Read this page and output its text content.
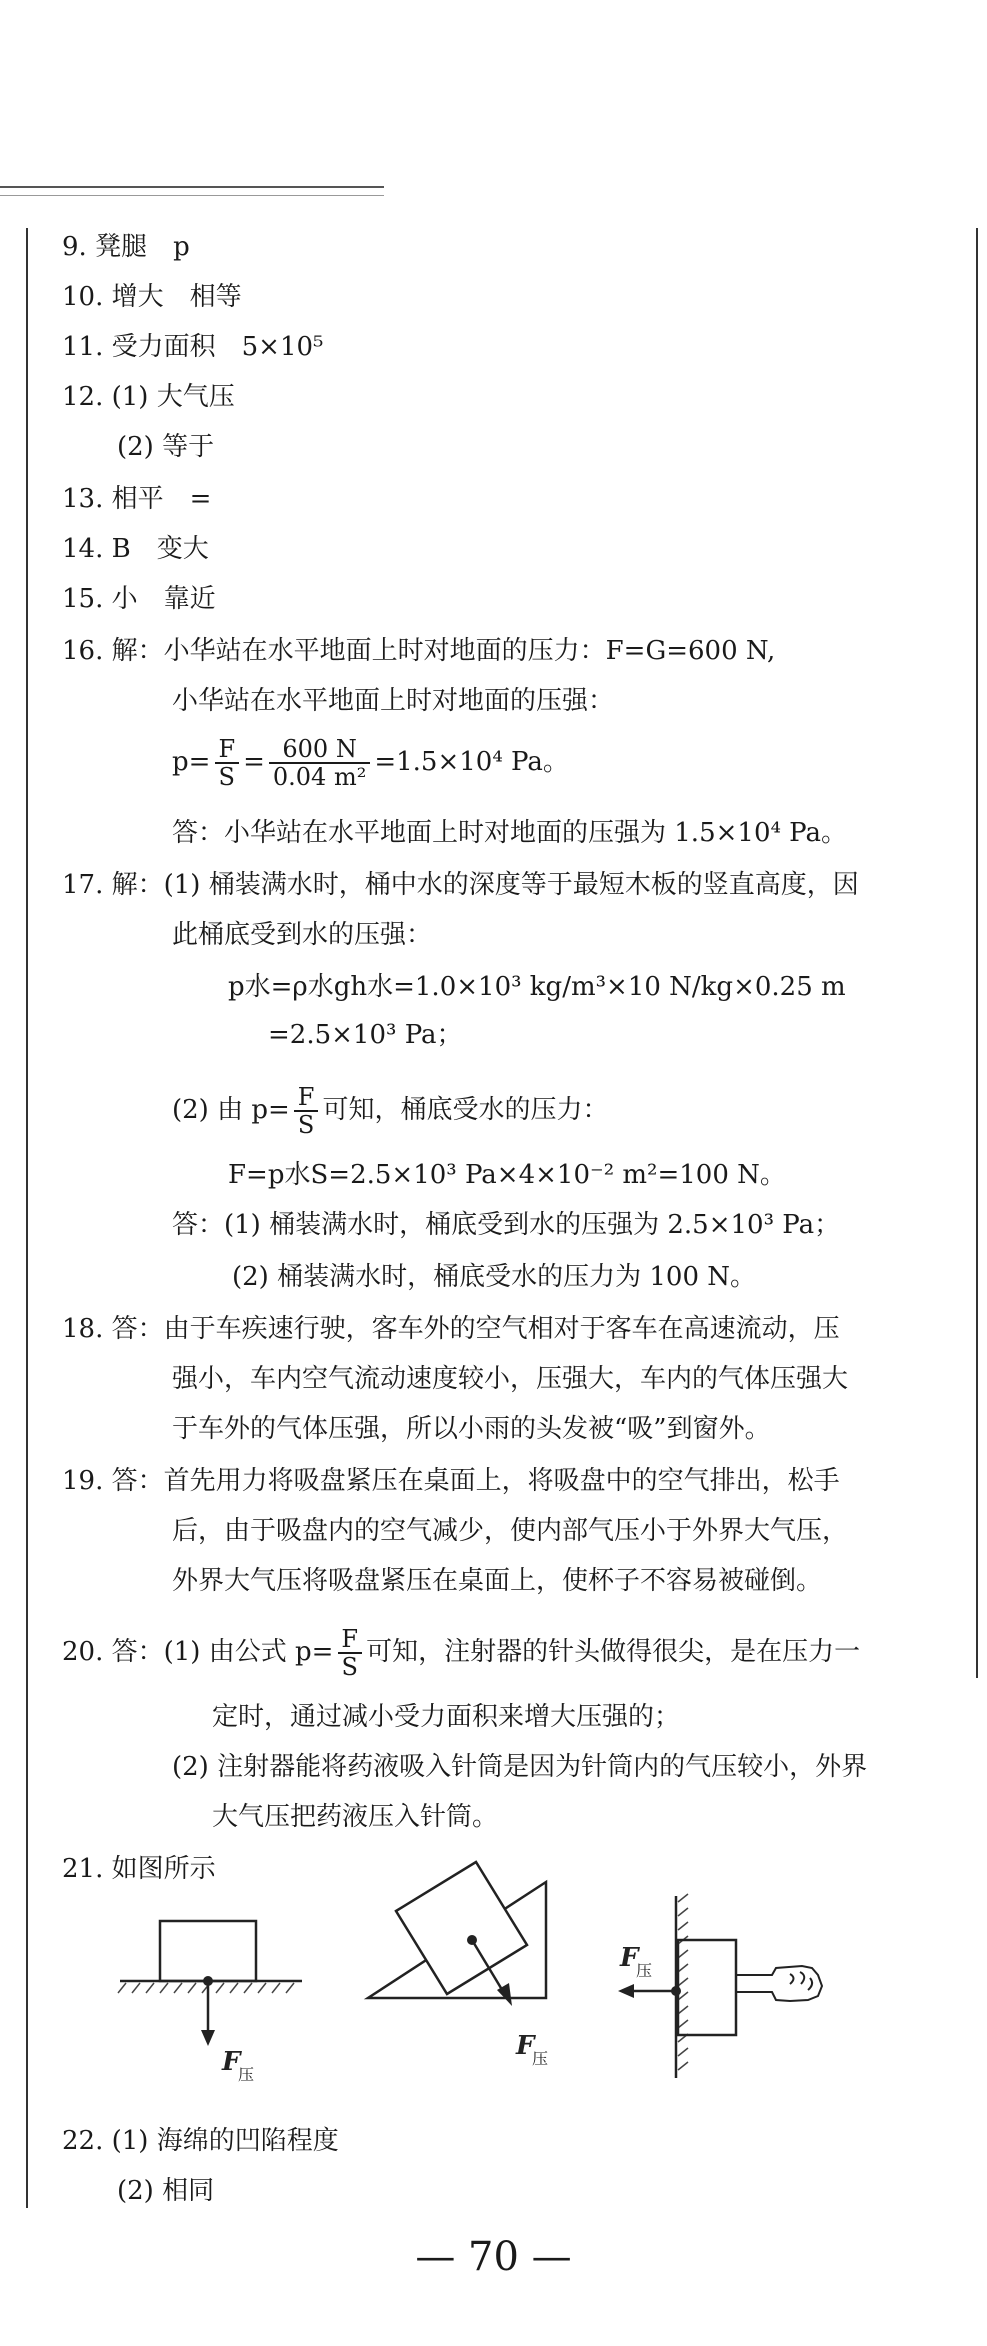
9. 凳腿　p
10. 增大　相等
11. 受力面积　5×10⁵
12. (1) 大气压
(2) 等于
13. 相平　=
14. B　变大
15. 小　靠近
16. 解：小华站在水平地面上时对地面的压力：F=G=600 N,
小华站在水平地面上时对地面的压强：
$p= \frac{F}{S} = \frac{600 N}{\text{0.04 m²}} =1.5\times 10^4$ Pa。
答：小华站在水平地面上时对地面的压强为 1.5×10⁴ Pa。
17. 解：(1) 桶装满水时，桶中水的深度等于最短木板的竖直高度，因
此桶底受到水的压强：
p水=ρ水gh水=1.0×10³ kg/m³×10 N/kg×0.25 m
=2.5×10³ Pa；
(2) 由 $p= \frac{F}{S}$ 可知，桶底受水的压力：
F=p水S=2.5×10³ Pa×4×10⁻² m²=100 N。
答：(1) 桶装满水时，桶底受到水的压强为 2.5×10³ Pa；
(2) 桶装满水时，桶底受水的压力为 100 N。
18. 答：由于车疾速行驶，客车外的空气相对于客车在高速流动，压
强小，车内空气流动速度较小，压强大，车内的气体压强大
于车外的气体压强，所以小雨的头发被“吸”到窗外。
19. 答：首先用力将吸盘紧压在桌面上，将吸盘中的空气排出，松手
后，由于吸盘内的空气减少，使内部气压小于外界大气压，
外界大气压将吸盘紧压在桌面上，使杯子不容易被碰倒。
20. 答：(1) 由公式 $p= \frac{F}{S}$ 可知，注射器的针头做得很尖，是在压力一
定时，通过减小受力面积来增大压强的；
(2) 注射器能将药液吸入针筒是因为针筒内的气压较小，外界
大气压把药液压入针筒。
21. 如图所示
F
压
F
压
F
压
22. (1) 海绵的凹陷程度
(2) 相同
— 70 —
